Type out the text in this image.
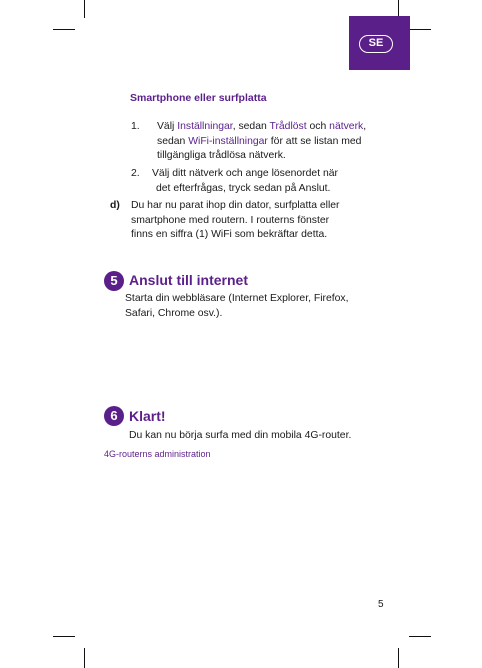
SE
Smartphone eller surfplatta
1. Välj Inställningar, sedan Trådlöst och nätverk,
sedan WiFi-inställningar för att se listan med
tillgängliga trådlösa nätverk.
2. Välj ditt nätverk och ange lösenordet när
det efterfrågas, tryck sedan på Anslut.
d) Du har nu parat ihop din dator, surfplatta eller
smartphone med routern. I routerns fönster
finns en siffra (1) WiFi som bekräftar detta.
5 Anslut till internet
Starta din webbläsare (Internet Explorer, Firefox,
Safari, Chrome osv.).
6 Klart!
Du kan nu börja surfa med din mobila 4G-router.
4G-routerns administration
5
